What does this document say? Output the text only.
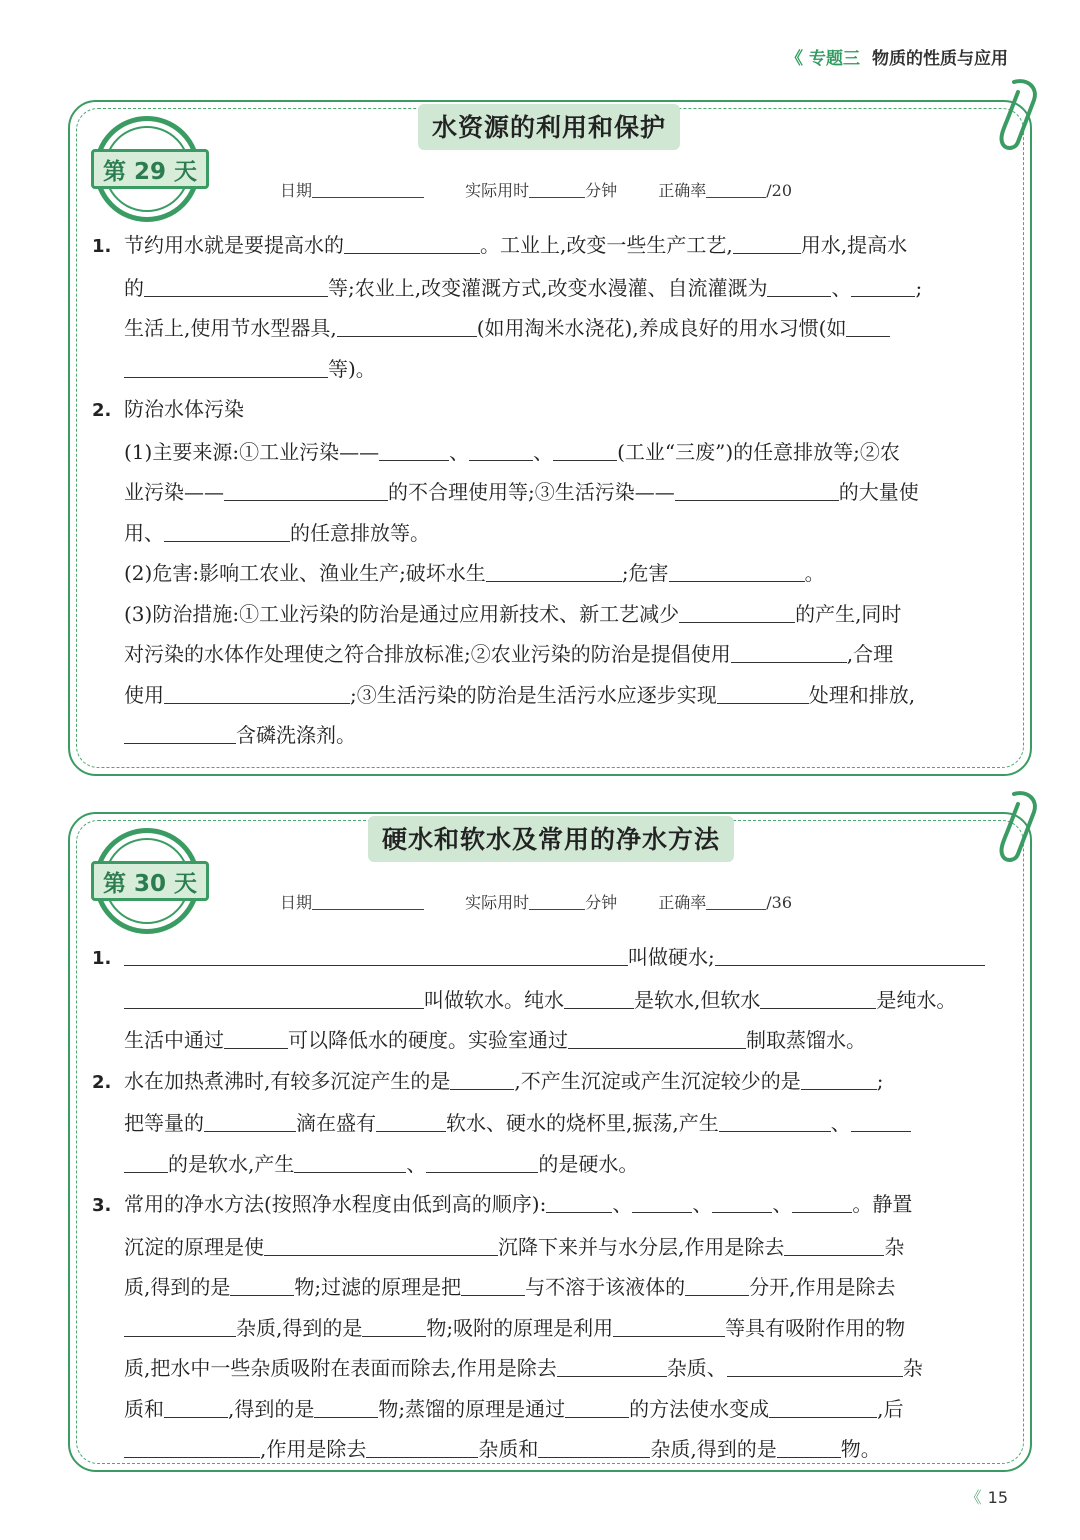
《 专题三 物质的性质与应用
水资源的利用和保护
第 29 天
日期	实际用时	分钟	正确率	/20
1. 节约用水就是要提高水的	。工业上,改变一些生产工艺,	用水,提高水
的	等;农业上,改变灌溉方式,改变水漫灌、自流灌溉为	、	;
生活上,使用节水型器具,	(如用淘米水浇花),养成良好的用水习惯(如
等)。
2. 防治水体污染
(1)主要来源:①工业污染——	、	、	(工业“三废”)的任意排放等;②农
业污染——	的不合理使用等;③生活污染——	的大量使
用、	的任意排放等。
(2)危害:影响工农业、渔业生产;破坏水生	;危害	。
(3)防治措施:①工业污染的防治是通过应用新技术、新工艺减少	的产生,同时
对污染的水体作处理使之符合排放标准;②农业污染的防治是提倡使用	,合理
使用	;③生活污染的防治是生活污水应逐步实现	处理和排放,
含磷洗涤剂。
硬水和软水及常用的净水方法
第 30 天
日期	实际用时	分钟	正确率	/36
1.	叫做硬水;
叫做软水。纯水	是软水,但软水	是纯水。
生活中通过	可以降低水的硬度。实验室通过	制取蒸馏水。
2. 水在加热煮沸时,有较多沉淀产生的是	,不产生沉淀或产生沉淀较少的是	;
把等量的	滴在盛有	软水、硬水的烧杯里,振荡,产生	、
的是软水,产生	、	的是硬水。
3. 常用的净水方法(按照净水程度由低到高的顺序):	、	、	、	。静置
沉淀的原理是使	沉降下来并与水分层,作用是除去	杂
质,得到的是	物;过滤的原理是把	与不溶于该液体的	分开,作用是除去
杂质,得到的是	物;吸附的原理是利用	等具有吸附作用的物
质,把水中一些杂质吸附在表面而除去,作用是除去	杂质、	杂
质和	,得到的是	物;蒸馏的原理是通过	的方法使水变成	,后
,作用是除去	杂质和	杂质,得到的是	物。
《 15
